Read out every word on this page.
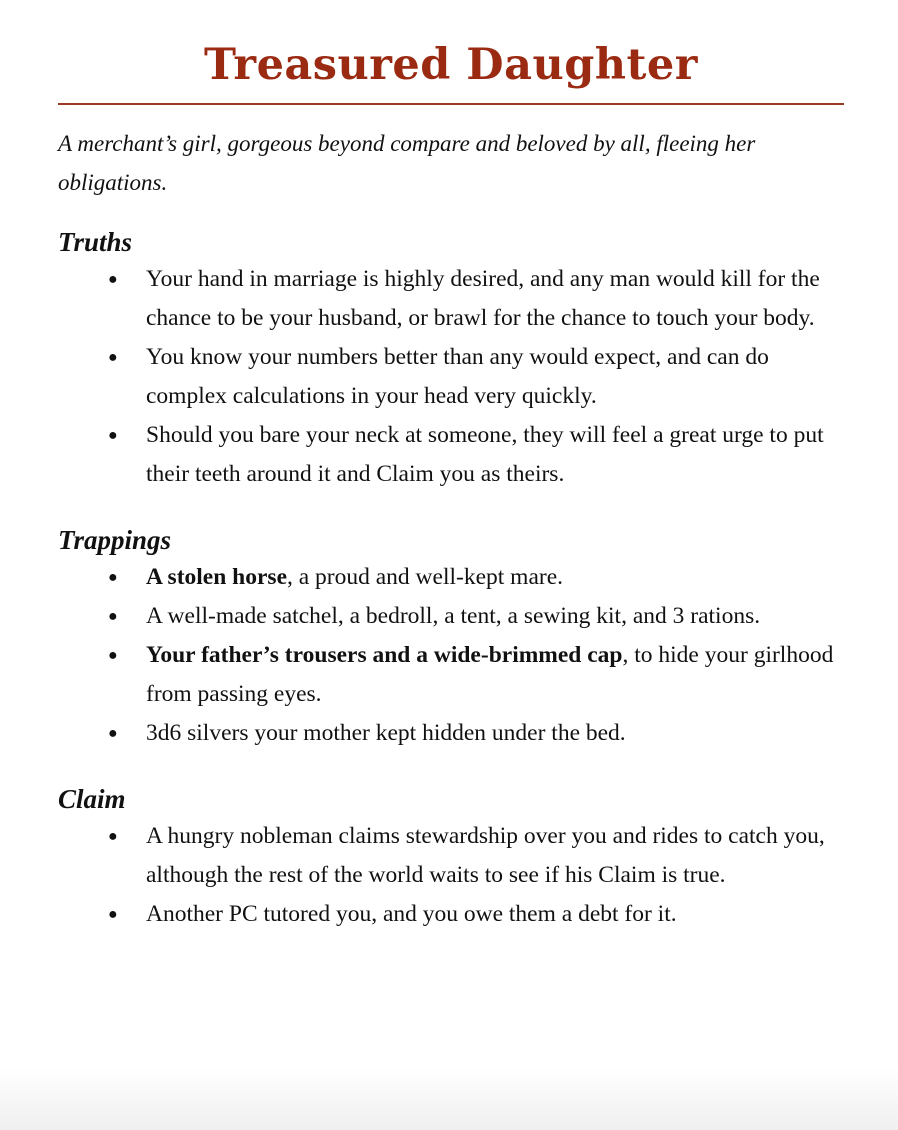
Treasured Daughter

A merchant’s girl, gorgeous beyond compare and beloved by all, fleeing her obligations.

Truths
●	Your hand in marriage is highly desired, and any man would kill for the chance to be your husband, or brawl for the chance to touch your body.
●	You know your numbers better than any would expect, and can do complex calculations in your head very quickly.
●	Should you bare your neck at someone, they will feel a great urge to put their teeth around it and Claim you as theirs.
Trappings
●	A stolen horse, a proud and well-kept mare.
●	A well-made satchel, a bedroll, a tent, a sewing kit, and 3 rations.
●	Your father’s trousers and a wide-brimmed cap, to hide your girlhood from passing eyes.
●	3d6 silvers your mother kept hidden under the bed.
Claim
●	A hungry nobleman claims stewardship over you and rides to catch you, although the rest of the world waits to see if his Claim is true.
●	Another PC tutored you, and you owe them a debt for it.
